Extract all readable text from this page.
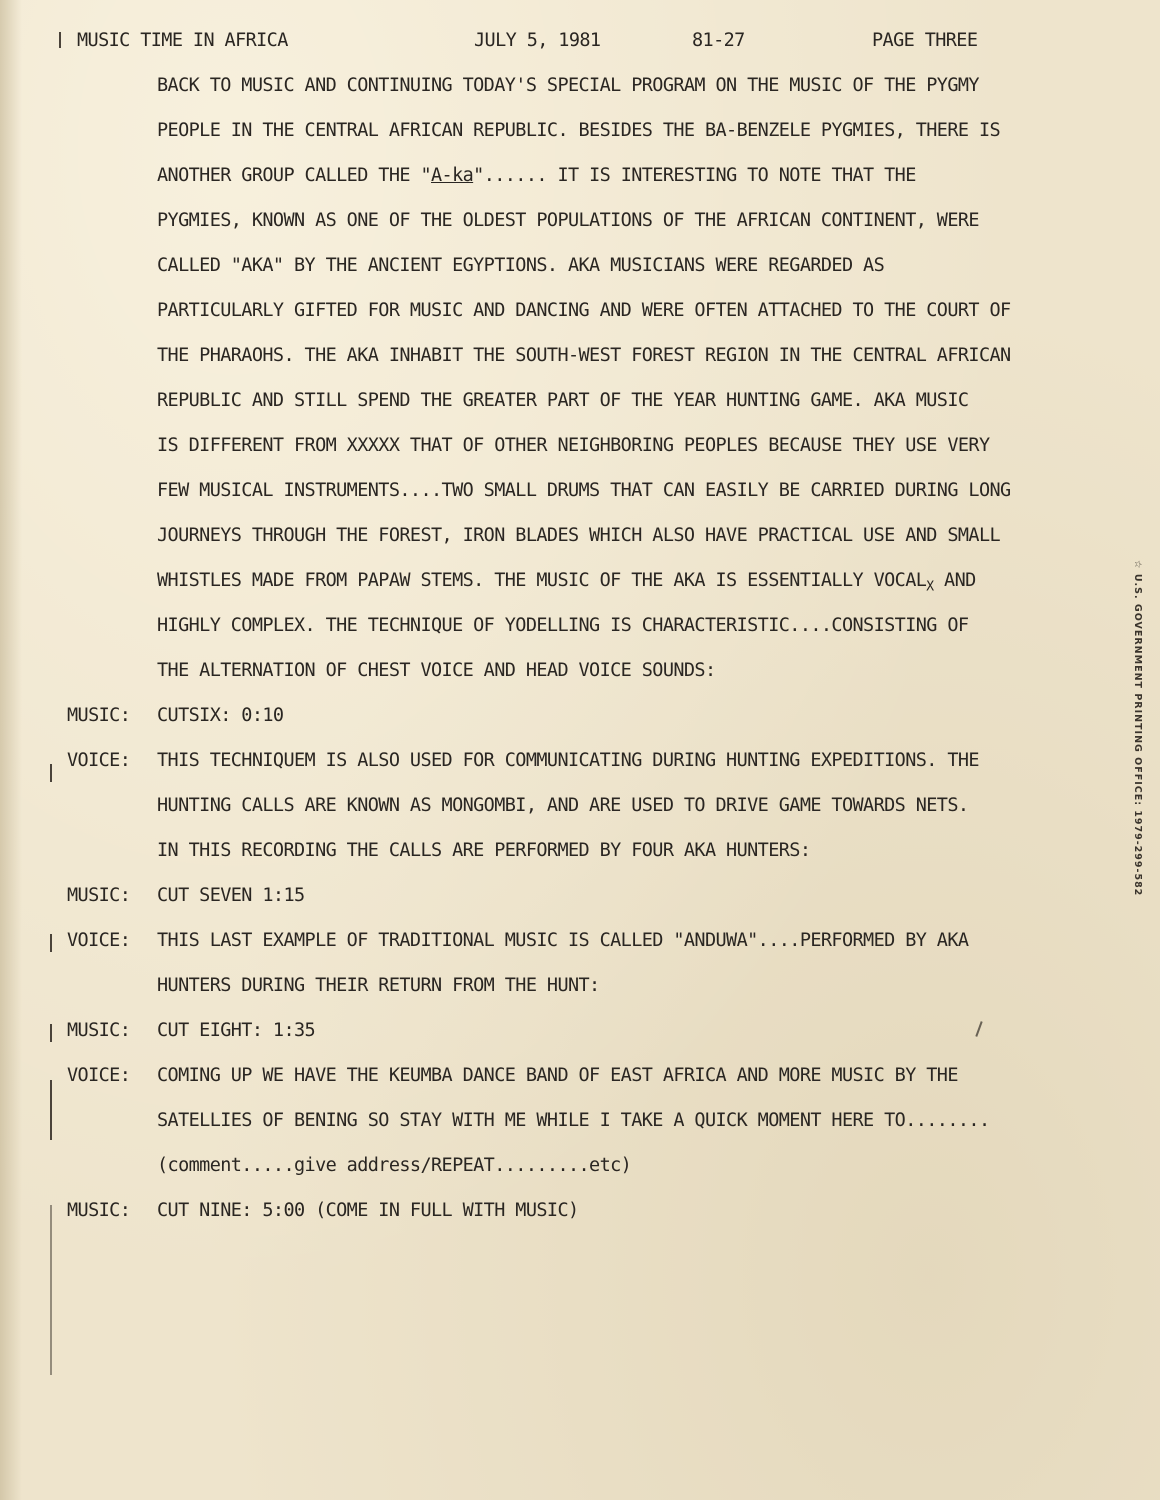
MUSIC TIME IN AFRICA	JULY 5, 1981	81-27	PAGE THREE
BACK TO MUSIC AND CONTINUING TODAY'S SPECIAL PROGRAM ON THE MUSIC OF THE PYGMY
PEOPLE IN THE CENTRAL AFRICAN REPUBLIC. BESIDES THE BA-BENZELE PYGMIES, THERE IS
ANOTHER GROUP CALLED THE "A-ka"...... IT IS INTERESTING TO NOTE THAT THE
PYGMIES, KNOWN AS ONE OF THE OLDEST POPULATIONS OF THE AFRICAN CONTINENT, WERE
CALLED "AKA" BY THE ANCIENT EGYPTIONS. AKA MUSICIANS WERE REGARDED AS
PARTICULARLY GIFTED FOR MUSIC AND DANCING AND WERE OFTEN ATTACHED TO THE COURT OF
THE PHARAOHS. THE AKA INHABIT THE SOUTH-WEST FOREST REGION IN THE CENTRAL AFRICAN
REPUBLIC AND STILL SPEND THE GREATER PART OF THE YEAR HUNTING GAME. AKA MUSIC
IS DIFFERENT FROM XXXXX THAT OF OTHER NEIGHBORING PEOPLES BECAUSE THEY USE VERY
FEW MUSICAL INSTRUMENTS....TWO SMALL DRUMS THAT CAN EASILY BE CARRIED DURING LONG
JOURNEYS THROUGH THE FOREST, IRON BLADES WHICH ALSO HAVE PRACTICAL USE AND SMALL
WHISTLES MADE FROM PAPAW STEMS. THE MUSIC OF THE AKA IS ESSENTIALLY $VOCAL_X$ AND
HIGHLY COMPLEX. THE TECHNIQUE OF YODELLING IS CHARACTERISTIC....CONSISTING OF
THE ALTERNATION OF CHEST VOICE AND HEAD VOICE SOUNDS:
MUSIC: CUTSIX: 0:10
VOICE: THIS TECHNIQUEM IS ALSO USED FOR COMMUNICATING DURING HUNTING EXPEDITIONS. THE
HUNTING CALLS ARE KNOWN AS MONGOMBI, AND ARE USED TO DRIVE GAME TOWARDS NETS.
IN THIS RECORDING THE CALLS ARE PERFORMED BY FOUR AKA HUNTERS:
MUSIC: CUT SEVEN 1:15
VOICE: THIS LAST EXAMPLE OF TRADITIONAL MUSIC IS CALLED "ANDUWA"....PERFORMED BY AKA
HUNTERS DURING THEIR RETURN FROM THE HUNT:
MUSIC: CUT EIGHT: 1:35
VOICE: COMING UP WE HAVE THE KEUMBA DANCE BAND OF EAST AFRICA AND MORE MUSIC BY THE
SATELLIES OF BENING SO STAY WITH ME WHILE I TAKE A QUICK MOMENT HERE TO........
(comment.....give address/REPEAT.........etc)
MUSIC: CUT NINE: 5:00 (COME IN FULL WITH MUSIC)
☆ U.S. GOVERNMENT PRINTING OFFICE: 1979-299-582
